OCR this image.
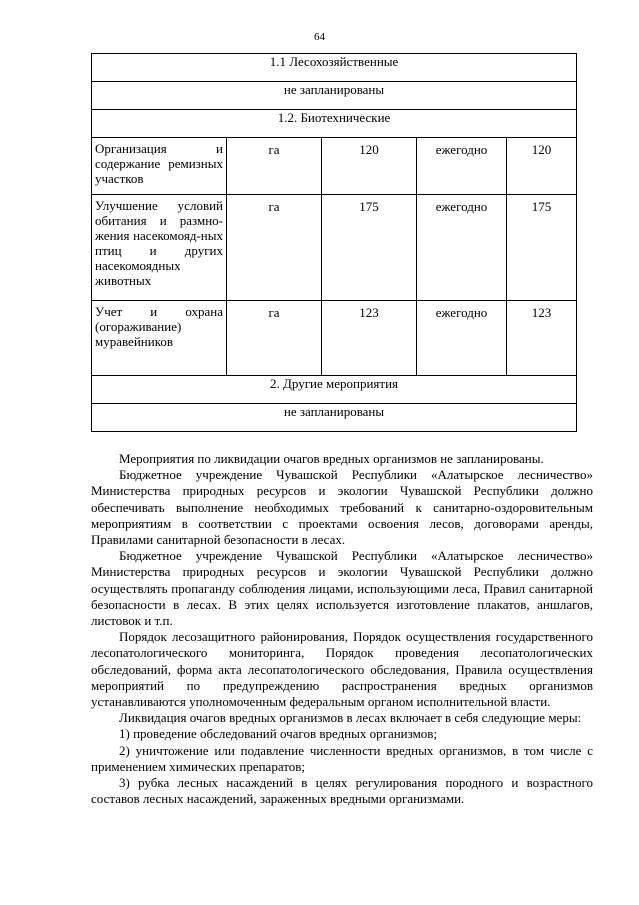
64
1.1 Лесохозяйственные				
не запланированы				
1.2. Биотехнические				
Организация и содержание ремизных участков	га	120	ежегодно	120
Улучшение условий обитания и размно-жения насекомояд-ных птиц и других насекомоядных животных	га	175	ежегодно	175
Учет и охрана (огораживание) муравейников	га	123	ежегодно	123
2. Другие мероприятия				
не запланированы				

Мероприятия по ликвидации очагов вредных организмов не запланированы.

Бюджетное учреждение Чувашской Республики «Алатырское лесничество» Министерства природных ресурсов и экологии Чувашской Республики должно обеспечивать выполнение необходимых требований к санитарно-оздоровительным мероприятиям в соответствии с проектами освоения лесов, договорами аренды, Правилами санитарной безопасности в лесах.

Бюджетное учреждение Чувашской Республики «Алатырское лесничество» Министерства природных ресурсов и экологии Чувашской Республики должно осуществлять пропаганду соблюдения лицами, использующими леса, Правил санитарной безопасности в лесах. В этих целях используется изготовление плакатов, аншлагов, листовок и т.п.

Порядок лесозащитного районирования, Порядок осуществления государственного лесопатологического мониторинга, Порядок проведения лесопатологических обследований, форма акта лесопатологического обследования, Правила осуществления мероприятий по предупреждению распространения вредных организмов устанавливаются уполномоченным федеральным органом исполнительной власти.

Ликвидация очагов вредных организмов в лесах включает в себя следующие меры:

1) проведение обследований очагов вредных организмов;

2) уничтожение или подавление численности вредных организмов, в том числе с применением химических препаратов;

3) рубка лесных насаждений в целях регулирования породного и возрастного составов лесных насаждений, зараженных вредными организмами.
